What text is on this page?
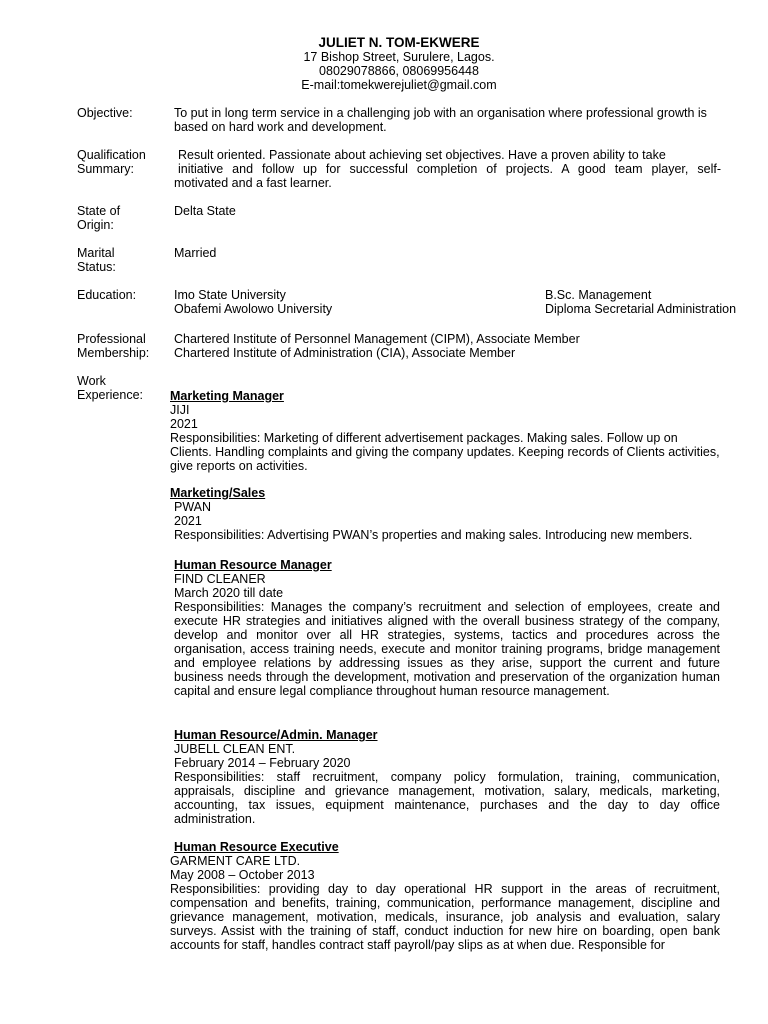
JULIET N. TOM-EKWERE
17 Bishop Street, Surulere, Lagos.
08029078866, 08069956448
E-mail:tomekwerejuliet@gmail.com
Objective:	To put in long term service in a challenging job with an organisation where professional growth is based on hard work and development.
Qualification
Summary:
Result oriented. Passionate about achieving set objectives. Have a proven ability to take
initiative and follow up for successful completion of projects. A good team player, self-
motivated and a fast learner.
State of
Origin:
Delta State
Marital
Status:
Married
Education:	Imo State University	B.Sc. Management
Obafemi Awolowo University	Diploma Secretarial Administration
Professional
Membership:
Chartered Institute of Personnel Management (CIPM), Associate Member
Chartered Institute of Administration (CIA), Associate Member
Work
Experience:	Marketing Manager
JIJI
2021

Responsibilities: Marketing of different advertisement packages. Making sales. Follow up on Clients. Handling complaints and giving the company updates. Keeping records of Clients activities, give reports on activities.

Marketing/Sales
PWAN
2021

Responsibilities: Advertising PWAN’s properties and making sales. Introducing new members.

Human Resource Manager
FIND CLEANER
March 2020 till date

Responsibilities: Manages the company’s recruitment and selection of employees, create and execute HR strategies and initiatives aligned with the overall business strategy of the company, develop and monitor over all HR strategies, systems, tactics and procedures across the organisation, access training needs, execute and monitor training programs, bridge management and employee relations by addressing issues as they arise, support the current and future business needs through the development, motivation and preservation of the organization human capital and ensure legal compliance throughout human resource management.

Human Resource/Admin. Manager
JUBELL CLEAN ENT.
February 2014 – February 2020

Responsibilities: staff recruitment, company policy formulation, training, communication, appraisals, discipline and grievance management, motivation, salary, medicals, marketing, accounting, tax issues, equipment maintenance, purchases and the day to day office administration.

Human Resource Executive
GARMENT CARE LTD.
May 2008 – October 2013

Responsibilities: providing day to day operational HR support in the areas of recruitment, compensation and benefits, training, communication, performance management, discipline and grievance management, motivation, medicals, insurance, job analysis and evaluation, salary surveys. Assist with the training of staff, conduct induction for new hire on boarding, open bank accounts for staff, handles contract staff payroll/pay slips as at when due. Responsible for
